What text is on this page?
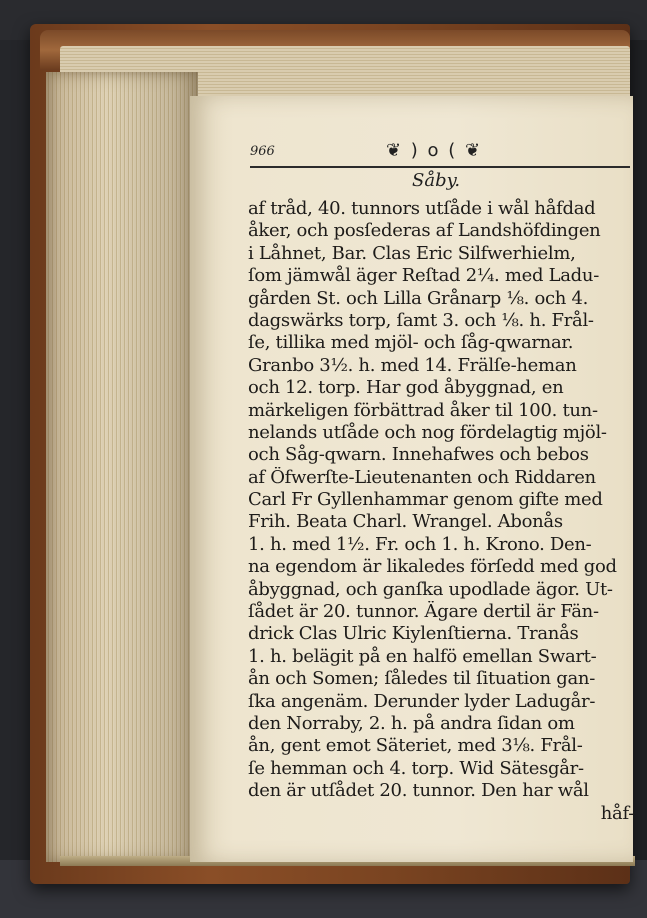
966	❦ ) o ( ❦
Såby.
af tråd, 40. tunnors utſåde i wål håfdad
åker, och posſederas af Landshöfdingen
i Låhnet, Bar. Clas Eric Silfwerhielm,
ſom jämwål äger Reſtad 2¼. med Ladu-
gården St. och Lilla Grånarp ⅛. och 4.
dagswärks torp, ſamt 3. och ⅛. h. Frål-
ſe, tillika med mjöl- och ſåg-qwarnar.
Granbo 3½. h. med 14. Frälſe-heman
och 12. torp. Har god åbyggnad, en
märkeligen förbättrad åker til 100. tun-
nelands utſåde och nog fördelagtig mjöl-
och Såg-qwarn. Innehafwes och bebos
af Öfwerſte-Lieutenanten och Riddaren
Carl Fr Gyllenhammar genom gifte med
Frih. Beata Charl. Wrangel. Abonås
1. h. med 1½. Fr. och 1. h. Krono. Den-
na egendom är likaledes förſedd med god
åbyggnad, och ganſka upodlade ägor. Ut-
ſådet är 20. tunnor. Ägare dertil är Fän-
drick Clas Ulric Kiylenſtierna. Tranås
1. h. belägit på en halfö emellan Swart-
ån och Somen; ſåledes til ſituation gan-
ſka angenäm. Derunder lyder Ladugår-
den Norraby, 2. h. på andra ſidan om
ån, gent emot Säteriet, med 3⅛. Frål-
ſe hemman och 4. torp. Wid Sätesgår-
den är utſådet 20. tunnor. Den har wål
håf-
